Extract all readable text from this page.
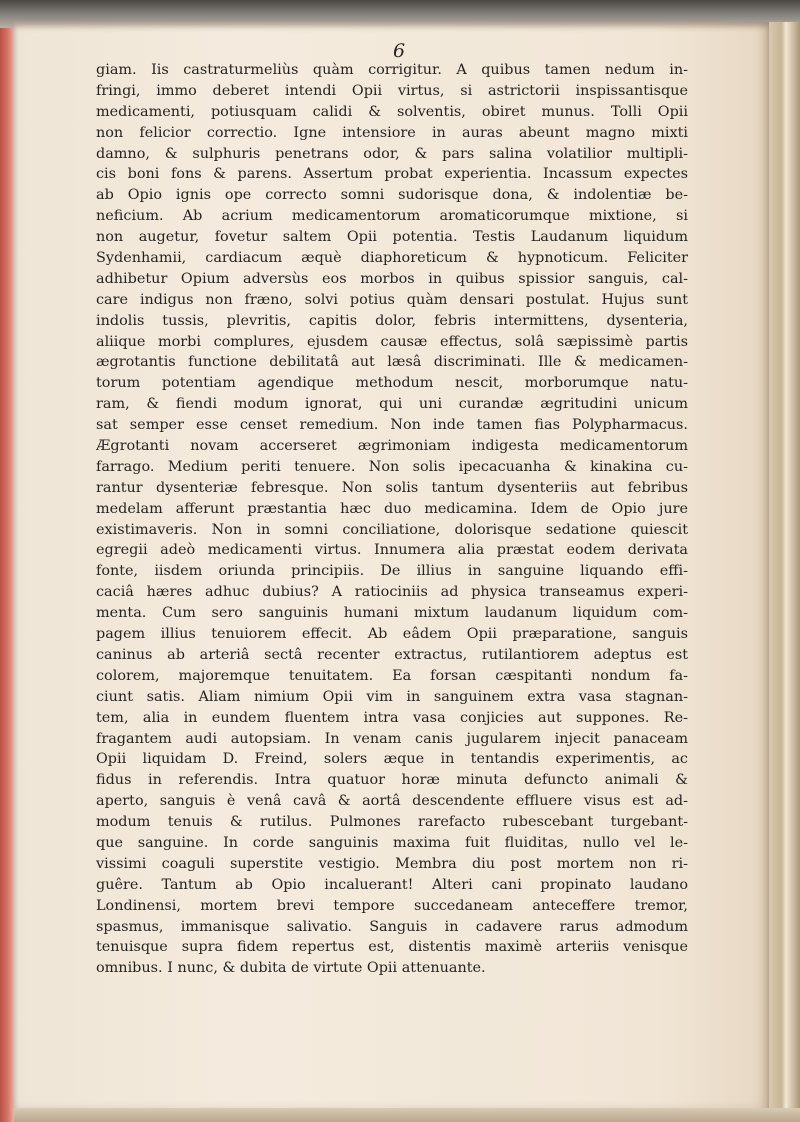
6
giam. Iis castraturmeliùs quàm corrigitur. A quibus tamen nedum in-
fringi, immo deberet intendi Opii virtus, si astrictorii inspissantisque
medicamenti, potiusquam calidi & solventis, obiret munus. Tolli Opii
non felicior correctio. Igne intensiore in auras abeunt magno mixti
damno, & sulphuris penetrans odor, & pars salina volatilior multipli-
cis boni fons & parens. Assertum probat experientia. Incassum expectes
ab Opio ignis ope correcto somni sudorisque dona, & indolentiæ be-
neficium. Ab acrium medicamentorum aromaticorumque mixtione, si
non augetur, fovetur saltem Opii potentia. Testis Laudanum liquidum
Sydenhamii, cardiacum æquè diaphoreticum & hypnoticum. Feliciter
adhibetur Opium adversùs eos morbos in quibus spissior sanguis, cal-
care indigus non fræno, solvi potius quàm densari postulat. Hujus sunt
indolis tussis, plevritis, capitis dolor, febris intermittens, dysenteria,
aliique morbi complures, ejusdem causæ effectus, solâ sæpissimè partis
ægrotantis functione debilitatâ aut læsâ discriminati. Ille & medicamen-
torum potentiam agendique methodum nescit, morborumque natu-
ram, & fiendi modum ignorat, qui uni curandæ ægritudini unicum
sat semper esse censet remedium. Non inde tamen fias Polypharmacus.
Ægrotanti novam accerseret ægrimoniam indigesta medicamentorum
farrago. Medium periti tenuere. Non solis ipecacuanha & kinakina cu-
rantur dysenteriæ febresque. Non solis tantum dysenteriis aut febribus
medelam afferunt præstantia hæc duo medicamina. Idem de Opio jure
existimaveris. Non in somni conciliatione, dolorisque sedatione quiescit
egregii adeò medicamenti virtus. Innumera alia præstat eodem derivata
fonte, iisdem oriunda principiis. De illius in sanguine liquando effi-
caciâ hæres adhuc dubius? A ratiociniis ad physica transeamus experi-
menta. Cum sero sanguinis humani mixtum laudanum liquidum com-
pagem illius tenuiorem effecit. Ab eâdem Opii præparatione, sanguis
caninus ab arteriâ sectâ recenter extractus, rutilantiorem adeptus est
colorem, majoremque tenuitatem. Ea forsan cæspitanti nondum fa-
ciunt satis. Aliam nimium Opii vim in sanguinem extra vasa stagnan-
tem, alia in eundem fluentem intra vasa conjicies aut suppones. Re-
fragantem audi autopsiam. In venam canis jugularem injecit panaceam
Opii liquidam D. Freind, solers æque in tentandis experimentis, ac
fidus in referendis. Intra quatuor horæ minuta defuncto animali &
aperto, sanguis è venâ cavâ & aortâ descendente effluere visus est ad-
modum tenuis & rutilus. Pulmones rarefacto rubescebant turgebant-
que sanguine. In corde sanguinis maxima fuit fluiditas, nullo vel le-
vissimi coaguli superstite vestigio. Membra diu post mortem non ri-
guêre. Tantum ab Opio incaluerant! Alteri cani propinato laudano
Londinensi, mortem brevi tempore succedaneam anteceffere tremor,
spasmus, immanisque salivatio. Sanguis in cadavere rarus admodum
tenuisque supra fidem repertus est, distentis maximè arteriis venisque
omnibus. I nunc, & dubita de virtute Opii attenuante.
